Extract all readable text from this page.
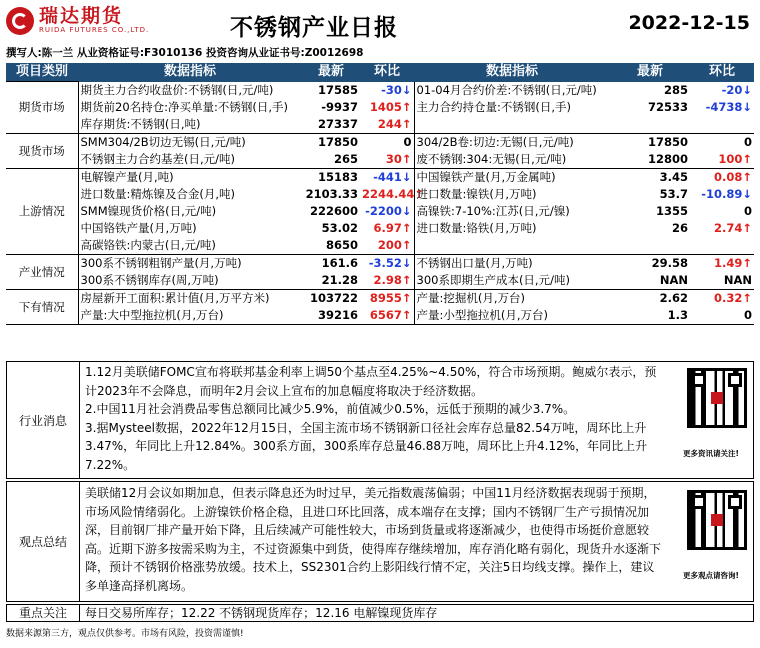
瑞达期货
RUIDA FUTURES CO.,LTD.	不锈钢产业日报	2022-12-15
撰写人:陈一兰 从业资格证号:F3010136 投资咨询从业证书号:Z0012698
项目类别	数据指标	最新	环比	数据指标	最新	环比
期货市场	期货主力合约收盘价:不锈钢(日,元/吨)	17585	-30↓	01-04月合约价差:不锈钢(日,元/吨)	285	-20↓
	期货前20名持仓:净买单量:不锈钢(日,手)	-9937	1405↑	主力合约持仓量:不锈钢(日,手)	72533	-4738↓
	库存期货:不锈钢(日,吨)	27337	244↑			
现货市场	SMM304/2B切边无锡(日,元/吨)	17850	0	304/2B卷:切边:无锡(日,元/吨)	17850	0
	不锈钢主力合约基差(日,元/吨)	265	30↑	废不锈钢:304:无锡(日,元/吨)	12800	100↑
上游情况	电解镍产量(月,吨)	15183	-441↓	中国镍铁产量(月,万金属吨)	3.45	0.08↑
	进口数量:精炼镍及合金(月,吨)	2103.33	2244.44↑	进口数量:镍铁(月,万吨)	53.7	-10.89↓
	SMM镍现货价格(日,元/吨)	222600	-2200↓	高镍铁:7-10%:江苏(日,元/镍)	1355	0
	中国铬铁产量(月,万吨)	53.02	6.97↑	进口数量:铬铁(月,万吨)	26	2.74↑
	高碳铬铁:内蒙古(日,元/吨)	8650	200↑			
产业情况	300系不锈钢粗钢产量(月,万吨)	161.6	-3.52↓	不锈钢出口量(月,万吨)	29.58	1.49↑
	300系不锈钢库存(周,万吨)	21.28	2.98↑	300系即期生产成本(日,元/吨)	NAN	NAN
下有情况	房屋新开工面积:累计值(月,万平方米)	103722	8955↑	产量:挖掘机(月,万台)	2.62	0.32↑
	产量:大中型拖拉机(月,万台)	39216	6567↑	产量:小型拖拉机(月,万台)	1.3	0
行业消息
1.12月美联储FOMC宣布将联邦基金利率上调50个基点至4.25%~4.50%，符合市场预期。鲍威尔表示，预计2023年不会降息，而明年2月会议上宣布的加息幅度将取决于经济数据。
2.中国11月社会消费品零售总额同比减少5.9%，前值减少0.5%，远低于预期的减少3.7%。
3.据Mysteel数据，2022年12月15日，全国主流市场不锈钢新口径社会库存总量82.54万吨，周环比上升3.47%，年同比上升12.84%。300系方面，300系库存总量46.88万吨，周环比上升4.12%，年同比上升7.22%。
更多资讯请关注!
观点总结
美联储12月会议如期加息，但表示降息还为时过早，美元指数震荡偏弱；中国11月经济数据表现弱于预期，市场风险情绪弱化。上游镍铁价格企稳，且进口环比回落，成本端存在支撑；国内不锈钢厂生产亏损情况加深，目前钢厂排产量开始下降，且后续减产可能性较大，市场到货量或将逐渐减少，也使得市场挺价意愿较高。近期下游多按需采购为主，不过资源集中到货，使得库存继续增加，库存消化略有弱化，现货升水逐渐下降，预计不锈钢价格涨势放缓。技术上，SS2301合约上影阳线行情不定，关注5日均线支撑。操作上，建议多单逢高择机离场。
更多观点请咨询!
重点关注	每日交易所库存；12.22 不锈钢现货库存；12.16 电解镍现货库存
数据来源第三方，观点仅供参考。市场有风险，投资需谨慎!
